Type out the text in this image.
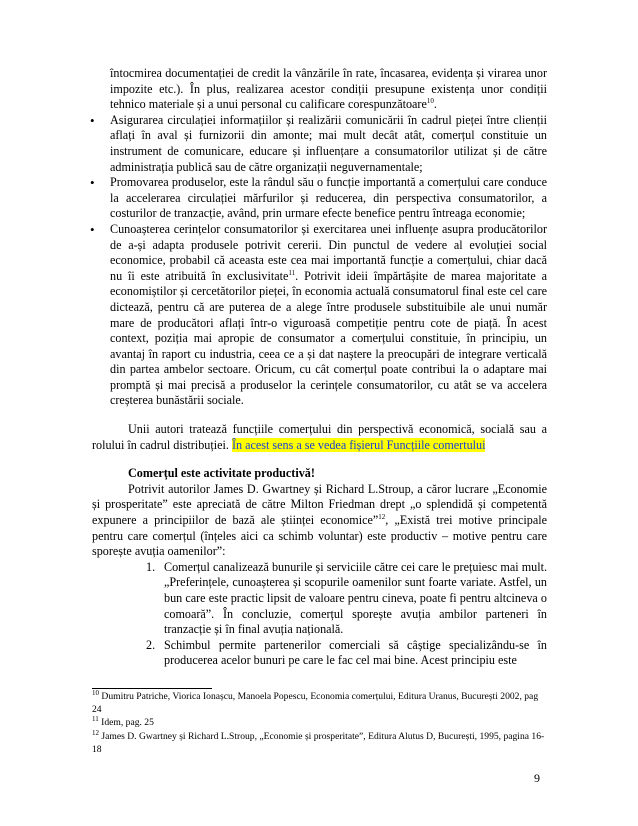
întocmirea documentației de credit la vânzările în rate, încasarea, evidența și virarea unor impozite etc.). În plus, realizarea acestor condiții presupune existența unor condiții tehnico materiale și a unui personal cu calificare corespunzătoare$^{10}$.

• Asigurarea circulației informațiilor și realizării comunicării în cadrul pieței între clienții aflați în aval și furnizorii din amonte; mai mult decât atât, comerțul constituie un instrument de comunicare, educare și influențare a consumatorilor utilizat și de către administrația publică sau de către organizații neguvernamentale;

• Promovarea produselor, este la rândul său o funcție importantă a comerțului care conduce la accelerarea circulației mărfurilor și reducerea, din perspectiva consumatorilor, a costurilor de tranzacție, având, prin urmare efecte benefice pentru întreaga economie;

• Cunoașterea cerințelor consumatorilor și exercitarea unei influențe asupra producătorilor de a-și adapta produsele potrivit cererii. Din punctul de vedere al evoluției social economice, probabil că aceasta este cea mai importantă funcție a comerțului, chiar dacă nu îi este atribuită în exclusivitate$^{11}$. Potrivit ideii împărtășite de marea majoritate a economiștilor și cercetătorilor pieței, în economia actuală consumatorul final este cel care dictează, pentru că are puterea de a alege între produsele substituibile ale unui număr mare de producători aflați într-o viguroasă competiție pentru cote de piață. În acest context, poziția mai apropiє de consumator a comerțului constituie, în principiu, un avantaj în raport cu industria, ceea ce a și dat naștere la preocupări de integrare verticală din partea ambelor sectoare. Oricum, cu cât comerțul poate contribui la o adaptare mai promptă și mai precisă a produselor la cerințele consumatorilor, cu atât se va accelera creșterea bunăstării sociale.

Unii autori tratează funcțiile comerțului din perspectivă economică, socială sau a rolului în cadrul distribuției. În acest sens a se vedea fișierul Funcțiile comertului

Comerțul este activitate productivă!

Potrivit autorilor James D. Gwartney și Richard L.Stroup, a căror lucrare „Economie și prosperitate” este apreciată de către Milton Friedman drept „o splendidă și competentă expunere a principiilor de bază ale științei economice”$^{12}$, „Există trei motive principale pentru care comerțul (înțeles aici ca schimb voluntar) este productiv – motive pentru care sporește avuția oamenilor”:

1. Comerțul canalizează bunurile și serviciile către cei care le prețuiesc mai mult. „Preferințele, cunoașterea și scopurile oamenilor sunt foarte variate. Astfel, un bun care este practic lipsit de valoare pentru cineva, poate fi pentru altcineva o comoară”. În concluzie, comerțul sporește avuția ambilor parteneri în tranzacție și în final avuția națională.

2. Schimbul permite partenerilor comerciali să câștige specializându-se în producerea acelor bunuri pe care le fac cel mai bine. Acest principiu este

$^{10}$ Dumitru Patriche, Viorica Ionașcu, Manoela Popescu, Economia comerțului, Editura Uranus, București 2002, pag 24

$^{11}$ Idem, pag. 25

$^{12}$ James D. Gwartney și Richard L.Stroup, „Economie și prosperitate”, Editura Alutus D, București, 1995, pagina 16-18

9
